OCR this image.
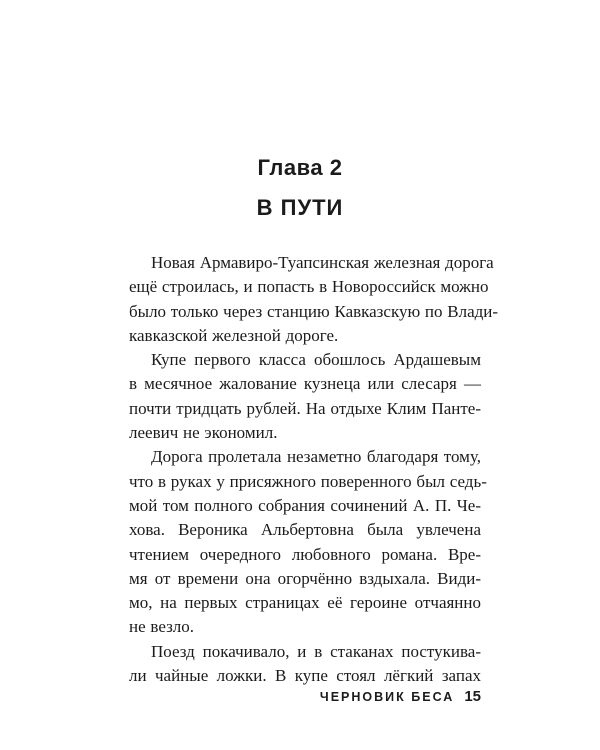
Глава 2
В ПУТИ

Новая Армавиро-Туапсинская железная дорога
ещё строилась, и попасть в Новороссийск можно
было только через станцию Кавказскую по Влади-
кавказской железной дороге.

Купе первого класса обошлось Ардашевым
в месячное жалование кузнеца или слесаря —
почти тридцать рублей. На отдыхе Клим Панте-
леевич не экономил.

Дорога пролетала незаметно благодаря тому,
что в руках у присяжного поверенного был седь-
мой том полного собрания сочинений А. П. Че-
хова. Вероника Альбертовна была увлечена
чтением очередного любовного романа. Вре-
мя от времени она огорчённо вздыхала. Види-
мо, на первых страницах её героине отчаянно
не везло.

Поезд покачивало, и в стаканах постукива-
ли чайные ложки. В купе стоял лёгкий запах

ЧЕРНОВИК БЕСА 15
